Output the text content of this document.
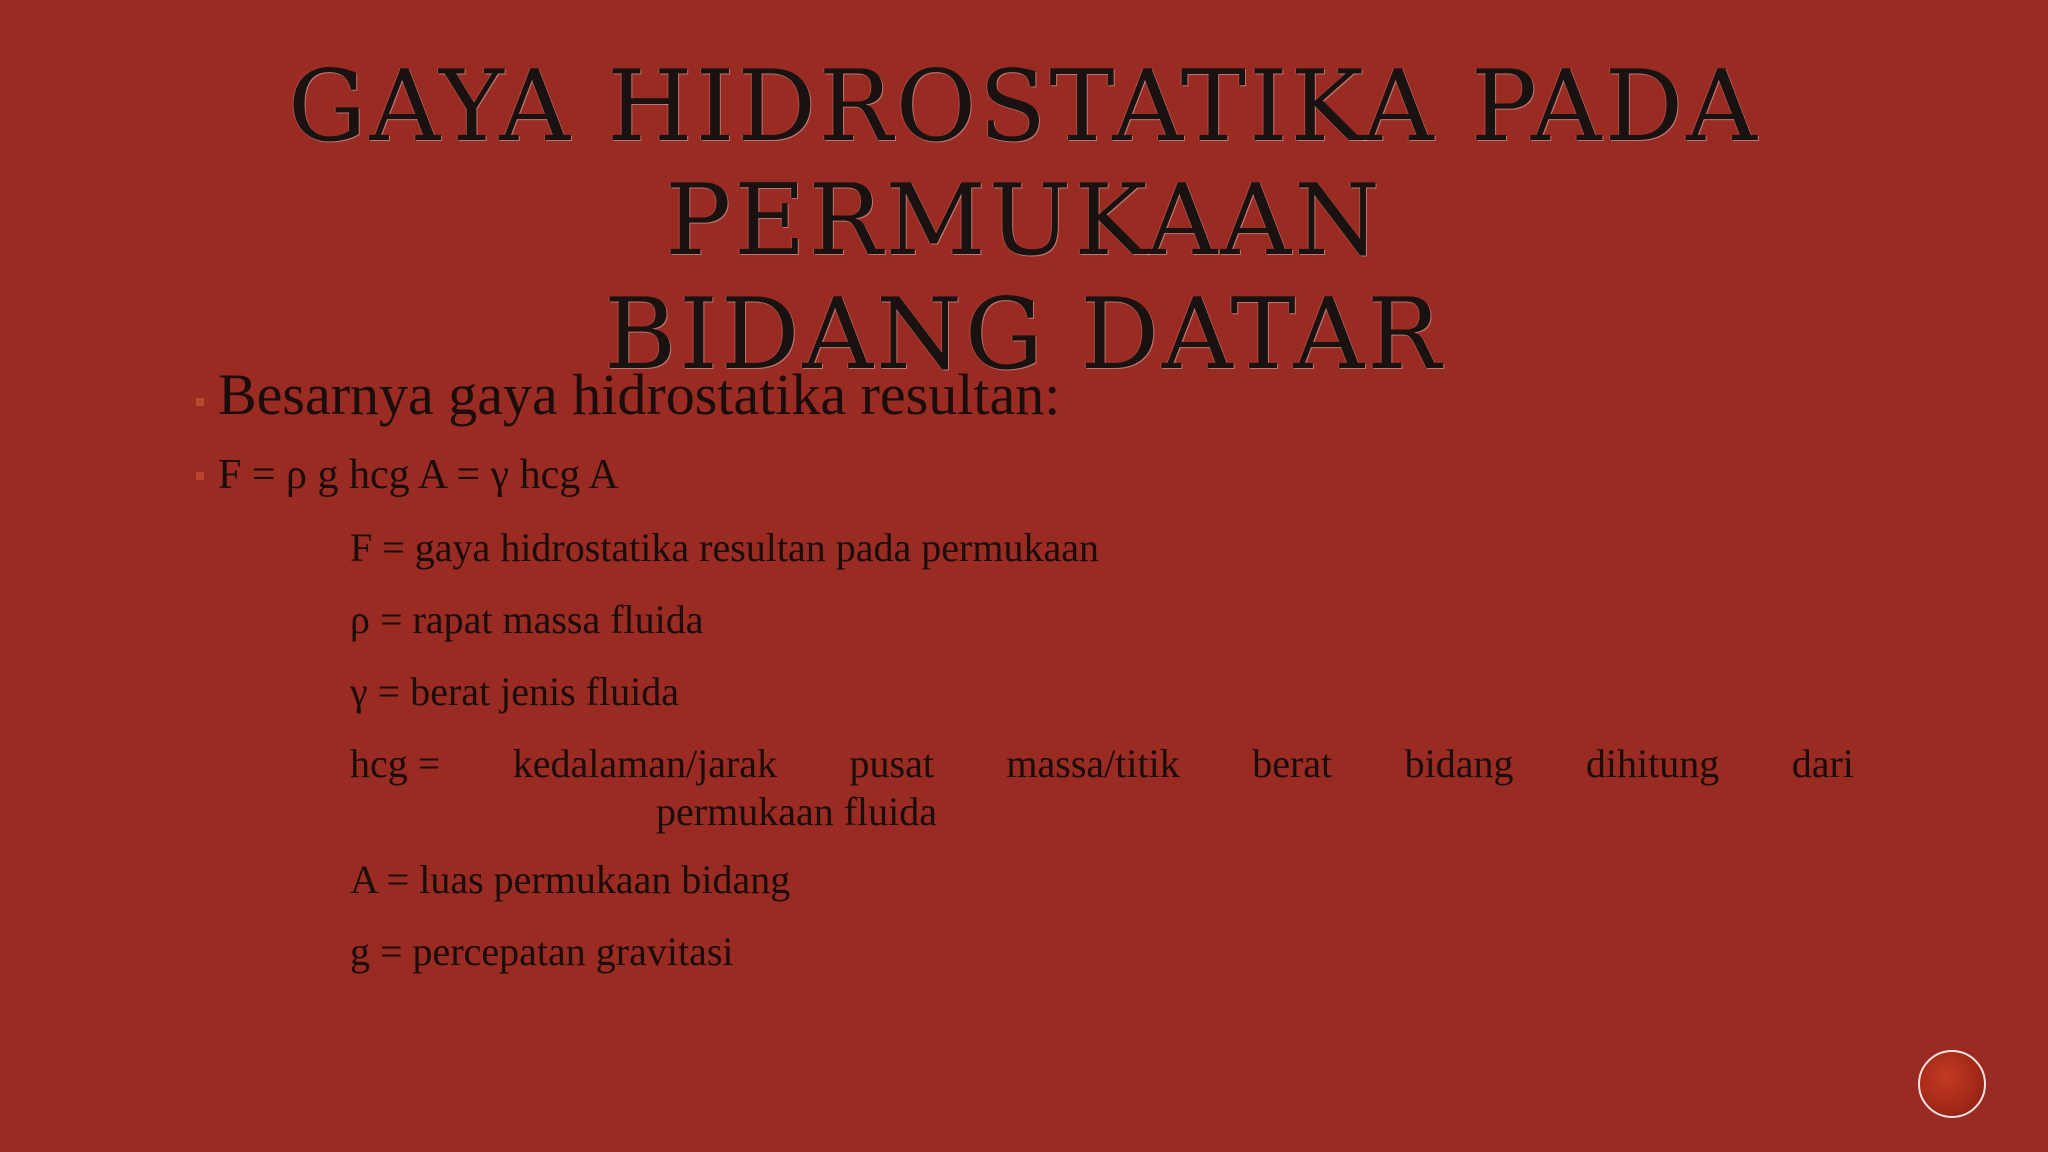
GAYA HIDROSTATIKA PADA
PERMUKAAN
BIDANG DATAR
Besarnya gaya hidrostatika resultan:
F = ρ g hcg A = γ hcg A
F = gaya hidrostatika resultan pada permukaan
ρ = rapat massa fluida
γ = berat jenis fluida
hcg = kedalaman/jarak pusat massa/titik berat bidang dihitung dari
permukaan fluida
A = luas permukaan bidang
g = percepatan gravitasi
